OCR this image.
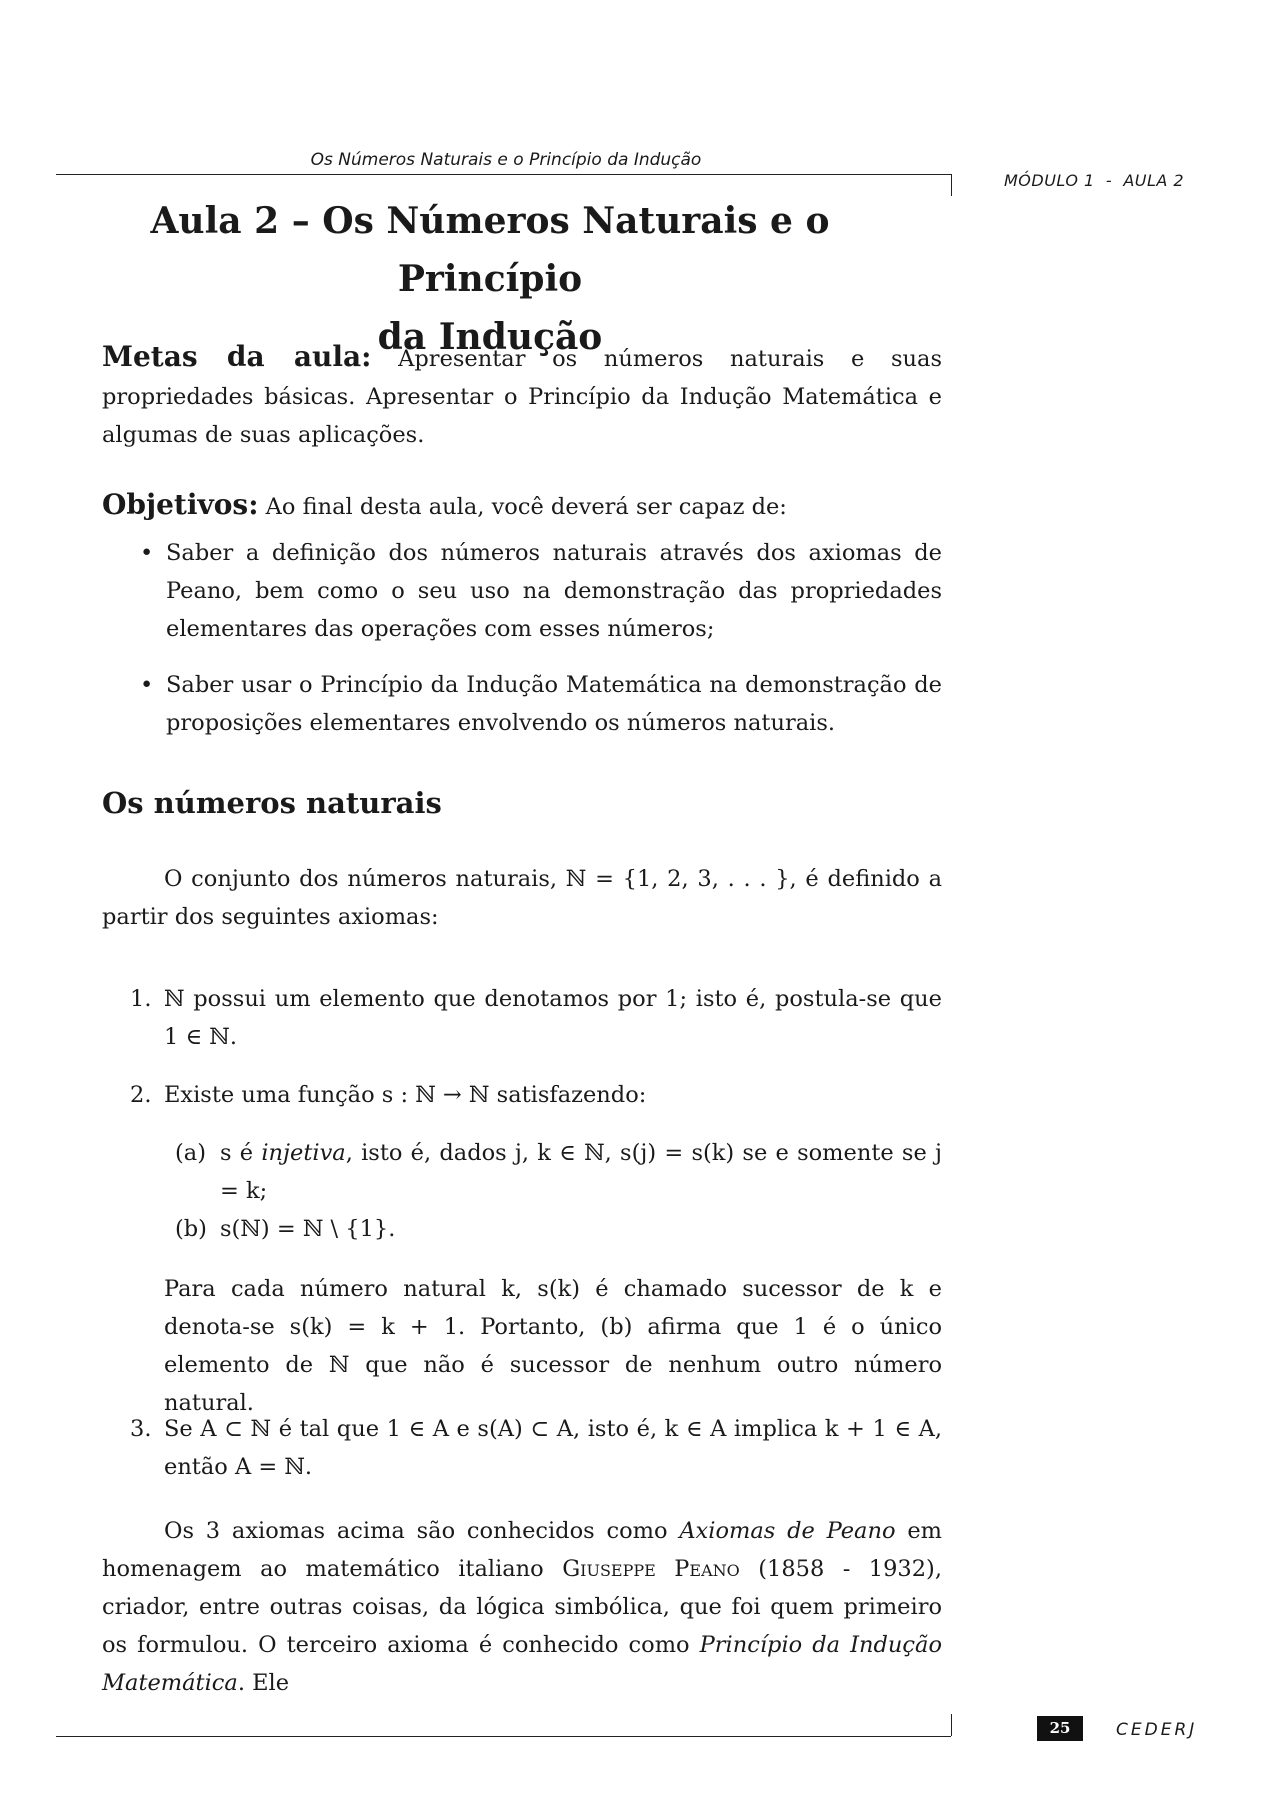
Os Números Naturais e o Princípio da Indução
MÓDULO 1  -  AULA 2
Aula 2 – Os Números Naturais e o Princípio
da Indução
Metas da aula: Apresentar os números naturais e suas propriedades básicas. Apresentar o Princípio da Indução Matemática e algumas de suas aplicações.
Objetivos: Ao final desta aula, você deverá ser capaz de:
• Saber a definição dos números naturais através dos axiomas de Peano, bem como o seu uso na demonstração das propriedades elementares das operações com esses números;
• Saber usar o Princípio da Indução Matemática na demonstração de proposições elementares envolvendo os números naturais.
Os números naturais
O conjunto dos números naturais, ℕ = {1, 2, 3, . . . }, é definido a partir dos seguintes axiomas:
1. ℕ possui um elemento que denotamos por 1; isto é, postula-se que 1 ∈ ℕ.
2. Existe uma função s : ℕ → ℕ satisfazendo:
(a) s é injetiva, isto é, dados j, k ∈ ℕ, s(j) = s(k) se e somente se j = k;
(b) s(ℕ) = ℕ \ {1}.
Para cada número natural k, s(k) é chamado sucessor de k e denota-se s(k) = k + 1. Portanto, (b) afirma que 1 é o único elemento de ℕ que não é sucessor de nenhum outro número natural.
3. Se A ⊂ ℕ é tal que 1 ∈ A e s(A) ⊂ A, isto é, k ∈ A implica k + 1 ∈ A, então A = ℕ.
Os 3 axiomas acima são conhecidos como Axiomas de Peano em homenagem ao matemático italiano Giuseppe Peano (1858 - 1932), criador, entre outras coisas, da lógica simbólica, que foi quem primeiro os formulou. O terceiro axioma é conhecido como Princípio da Indução Matemática. Ele
25	CEDERJ
